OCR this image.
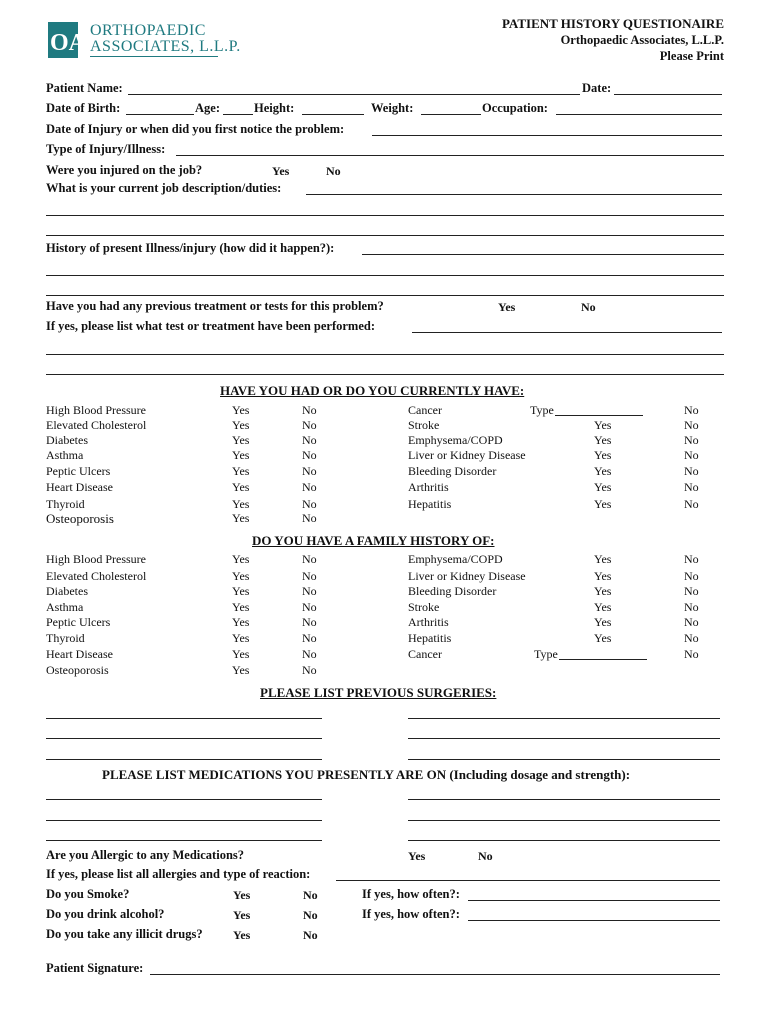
OA ORTHOPAEDIC
ASSOCIATES, L.L.P.
PATIENT HISTORY QUESTIONAIRE
Orthopaedic Associates, L.L.P.
Please Print
Patient Name:	Date:
Date of Birth:	Age:	Height:	Weight:	Occupation:
Date of Injury or when did you first notice the problem:
Type of Injury/Illness:
Were you injured on the job?	Yes	No
What is your current job description/duties:
History of present Illness/injury (how did it happen?):
Have you had any previous treatment or tests for this problem?	Yes	No
If yes, please list what test or treatment have been performed:
HAVE YOU HAD OR DO YOU CURRENTLY HAVE:
High Blood Pressure	Yes	No
Elevated Cholesterol	Yes	No
Diabetes	Yes	No
Asthma	Yes	No
Peptic Ulcers	Yes	No
Heart Disease	Yes	No
Thyroid	Yes	No
Osteoporosis	Yes	No
Cancer	Type	No
Stroke	Yes	No
Emphysema/COPD	Yes	No
Liver or Kidney Disease	Yes	No
Bleeding Disorder	Yes	No
Arthritis	Yes	No
Hepatitis	Yes	No
DO YOU HAVE A FAMILY HISTORY OF:
High Blood Pressure	Yes	No
Elevated Cholesterol	Yes	No
Diabetes	Yes	No
Asthma	Yes	No
Peptic Ulcers	Yes	No
Thyroid	Yes	No
Heart Disease	Yes	No
Osteoporosis	Yes	No
Emphysema/COPD	Yes	No
Liver or Kidney Disease	Yes	No
Bleeding Disorder	Yes	No
Stroke	Yes	No
Arthritis	Yes	No
Hepatitis	Yes	No
Cancer	Type	No
PLEASE LIST PREVIOUS SURGERIES:
PLEASE LIST MEDICATIONS YOU PRESENTLY ARE ON (Including dosage and strength):
Are you Allergic to any Medications?	Yes	No
If yes, please list all allergies and type of reaction:
Do you Smoke?	Yes	No	If yes, how often?:
Do you drink alcohol?	Yes	No	If yes, how often?:
Do you take any illicit drugs?	Yes	No
Patient Signature:
